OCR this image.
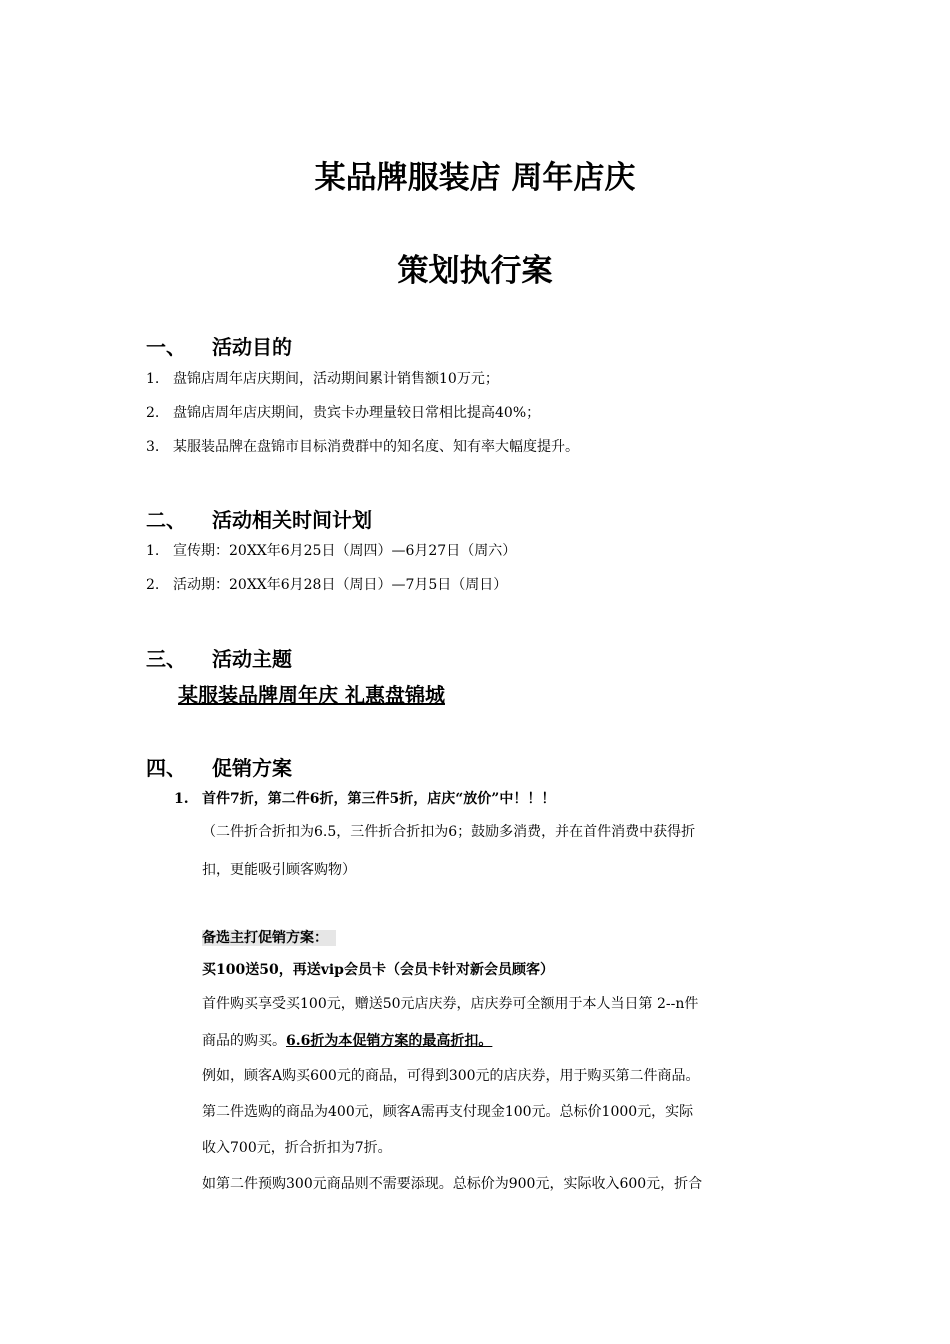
某品牌服装店 周年店庆
策划执行案
一、 活动目的
1. 盘锦店周年店庆期间，活动期间累计销售额10万元；
2. 盘锦店周年店庆期间，贵宾卡办理量较日常相比提高40%；
3. 某服装品牌在盘锦市目标消费群中的知名度、知有率大幅度提升。
二、 活动相关时间计划
1. 宣传期：20XX年6月25日（周四）—6月27日（周六）
2. 活动期：20XX年6月28日（周日）—7月5日（周日）
三、 活动主题
某服装品牌周年庆 礼惠盘锦城
四、 促销方案
1. 首件7折，第二件6折，第三件5折，店庆“放价”中！！！
（二件折合折扣为6.5，三件折合折扣为6；鼓励多消费，并在首件消费中获得折
扣，更能吸引顾客购物）
备选主打促销方案：
买100送50，再送vip会员卡（会员卡针对新会员顾客）
首件购买享受买100元，赠送50元店庆券，店庆券可全额用于本人当日第 2--n件
商品的购买。6.6折为本促销方案的最高折扣。
例如，顾客A购买600元的商品，可得到300元的店庆券，用于购买第二件商品。
第二件选购的商品为400元，顾客A需再支付现金100元。总标价1000元，实际
收入700元，折合折扣为7折。
如第二件预购300元商品则不需要添现。总标价为900元，实际收入600元，折合
